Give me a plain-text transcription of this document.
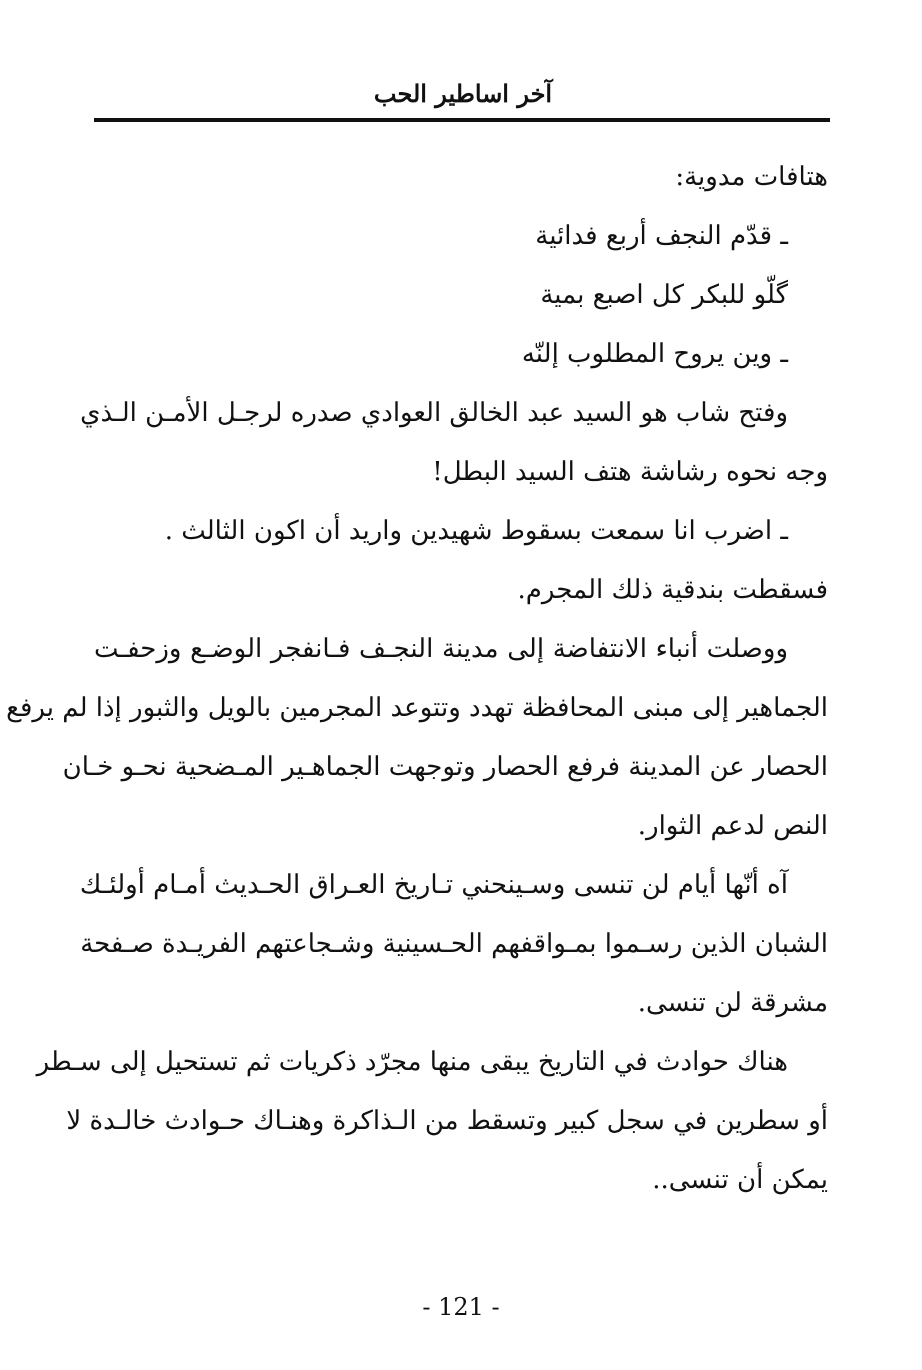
آخر اساطير الحب
هتافات مدوية:
ـ قدّم النجف أربع فدائية
گلّو للبكر كل اصبع بمية
ـ وين يروح المطلوب إلنّه
وفتح شاب هو السيد عبد الخالق العوادي صدره لرجـل الأمـن الـذي
وجه نحوه رشاشة هتف السيد البطل!
ـ اضرب انا سمعت بسقوط شهيدين واريد أن اكون الثالث .
فسقطت بندقية ذلك المجرم.
ووصلت أنباء الانتفاضة إلى مدينة النجـف فـانفجر الوضـع وزحفـت
الجماهير إلى مبنى المحافظة تهدد وتتوعد المجرمين بالويل والثبور إذا لم يرفع
الحصار عن المدينة فرفع الحصار وتوجهت الجماهـير المـضحية نحـو خـان
النص لدعم الثوار.
آه أنّها أيام لن تنسى وسـينحني تـاريخ العـراق الحـديث أمـام أولئـك
الشبان الذين رسـموا بمـواقفهم الحـسينية وشـجاعتهم الفريـدة صـفحة
مشرقة لن تنسى.
هناك حوادث في التاريخ يبقى منها مجرّد ذكريات ثم تستحيل إلى سـطر
أو سطرين في سجل كبير وتسقط من الـذاكرة وهنـاك حـوادث خالـدة لا
يمكن أن تنسى..
- 121 -
